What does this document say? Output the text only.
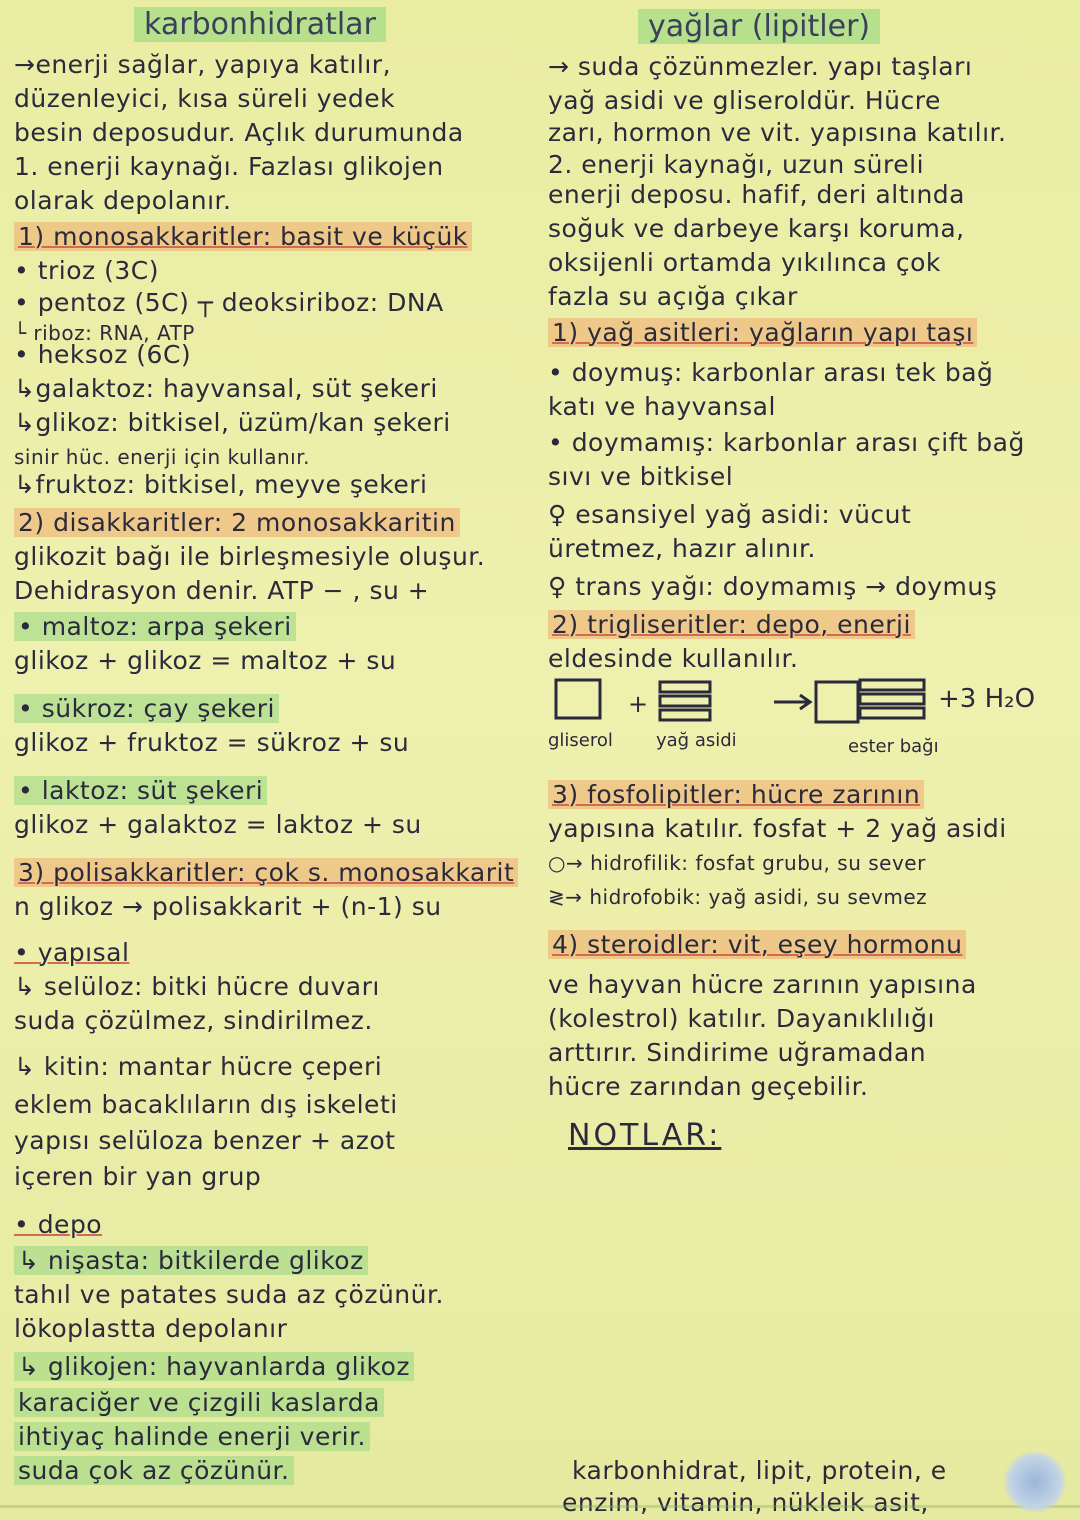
karbonhidratlar
→enerji sağlar, yapıya katılır,
düzenleyici, kısa süreli yedek
besin deposudur. Açlık durumunda
1. enerji kaynağı. Fazlası glikojen
olarak depolanır.
1) monosakkaritler: basit ve küçük
• trioz (3C)
• pentoz (5C) ┬ deoksiriboz: DNA
└ riboz: RNA, ATP
• heksoz (6C)
↳galaktoz: hayvansal, süt şekeri
↳glikoz: bitkisel, üzüm/kan şekeri
sinir hüc. enerji için kullanır.
↳fruktoz: bitkisel, meyve şekeri
2) disakkaritler: 2 monosakkaritin
glikozit bağı ile birleşmesiyle oluşur.
Dehidrasyon denir. ATP − , su +
• maltoz: arpa şekeri
glikoz + glikoz = maltoz + su
• sükroz: çay şekeri
glikoz + fruktoz = sükroz + su
• laktoz: süt şekeri
glikoz + galaktoz = laktoz + su
3) polisakkaritler: çok s. monosakkarit
n glikoz → polisakkarit + (n-1) su
• yapısal
↳ selüloz: bitki hücre duvarı
suda çözülmez, sindirilmez.
↳ kitin: mantar hücre çeperi
eklem bacaklıların dış iskeleti
yapısı selüloza benzer + azot
içeren bir yan grup
• depo
↳ nişasta: bitkilerde glikoz
tahıl ve patates suda az çözünür.
lökoplastta depolanır
↳ glikojen: hayvanlarda glikoz
karaciğer ve çizgili kaslarda
ihtiyaç halinde enerji verir.
suda çok az çözünür.
yağlar (lipitler)
→ suda çözünmezler. yapı taşları
yağ asidi ve gliseroldür. Hücre
zarı, hormon ve vit. yapısına katılır.
2. enerji kaynağı, uzun süreli
enerji deposu. hafif, deri altında
soğuk ve darbeye karşı koruma,
oksijenli ortamda yıkılınca çok
fazla su açığa çıkar
1) yağ asitleri: yağların yapı taşı
• doymuş: karbonlar arası tek bağ
katı ve hayvansal
• doymamış: karbonlar arası çift bağ
sıvı ve bitkisel
♀ esansiyel yağ asidi: vücut
üretmez, hazır alınır.
♀ trans yağı: doymamış → doymuş
2) trigliseritler: depo, enerji
eldesinde kullanılır.
+	+3 H₂O
gliserol yağ asidi	ester bağı
3) fosfolipitler: hücre zarının
yapısına katılır. fosfat + 2 yağ asidi
○→ hidrofilik: fosfat grubu, su sever
≷→ hidrofobik: yağ asidi, su sevmez
4) steroidler: vit, eşey hormonu
ve hayvan hücre zarının yapısına
(kolestrol) katılır. Dayanıklılığı
arttırır. Sindirime uğramadan
hücre zarından geçebilir.
NOTLAR:
karbonhidrat, lipit, protein, e
enzim, vitamin, nükleik asit,
